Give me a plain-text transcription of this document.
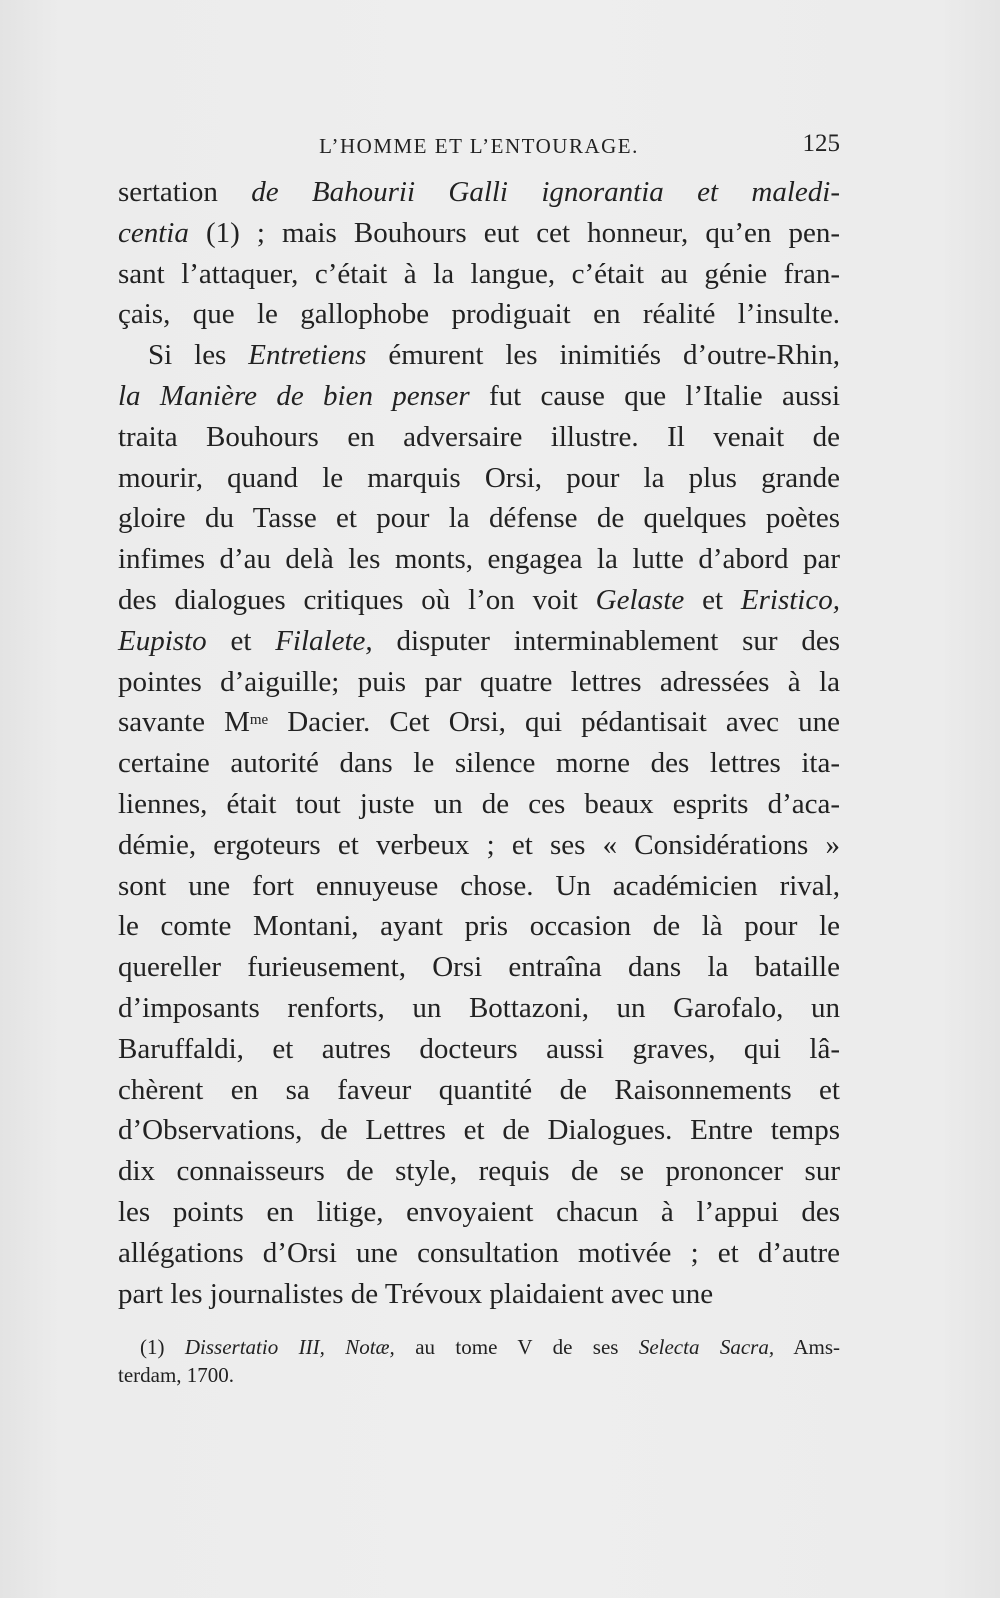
L’HOMME ET L’ENTOURAGE.	125
sertation de Bahourii Galli ignorantia et maledi-
centia (1) ; mais Bouhours eut cet honneur, qu’en pen-
sant l’attaquer, c’était à la langue, c’était au génie fran-
çais, que le gallophobe prodiguait en réalité l’insulte.
Si les Entretiens émurent les inimitiés d’outre-Rhin,
la Manière de bien penser fut cause que l’Italie aussi
traita Bouhours en adversaire illustre. Il venait de
mourir, quand le marquis Orsi, pour la plus grande
gloire du Tasse et pour la défense de quelques poètes
infimes d’au delà les monts, engagea la lutte d’abord par
des dialogues critiques où l’on voit Gelaste et Eristico,
Eupisto et Filalete, disputer interminablement sur des
pointes d’aiguille; puis par quatre lettres adressées à la
savante $M^{me}$ Dacier. Cet Orsi, qui pédantisait avec une
certaine autorité dans le silence morne des lettres ita-
liennes, était tout juste un de ces beaux esprits d’aca-
démie, ergoteurs et verbeux ; et ses « Considérations »
sont une fort ennuyeuse chose. Un académicien rival,
le comte Montani, ayant pris occasion de là pour le
quereller furieusement, Orsi entraîna dans la bataille
d’imposants renforts, un Bottazoni, un Garofalo, un
Baruffaldi, et autres docteurs aussi graves, qui lâ-
chèrent en sa faveur quantité de Raisonnements et
d’Observations, de Lettres et de Dialogues. Entre temps
dix connaisseurs de style, requis de se prononcer sur
les points en litige, envoyaient chacun à l’appui des
allégations d’Orsi une consultation motivée ; et d’autre
part les journalistes de Trévoux plaidaient avec une
(1) Dissertatio III, Notæ, au tome V de ses Selecta Sacra, Ams-
terdam, 1700.
